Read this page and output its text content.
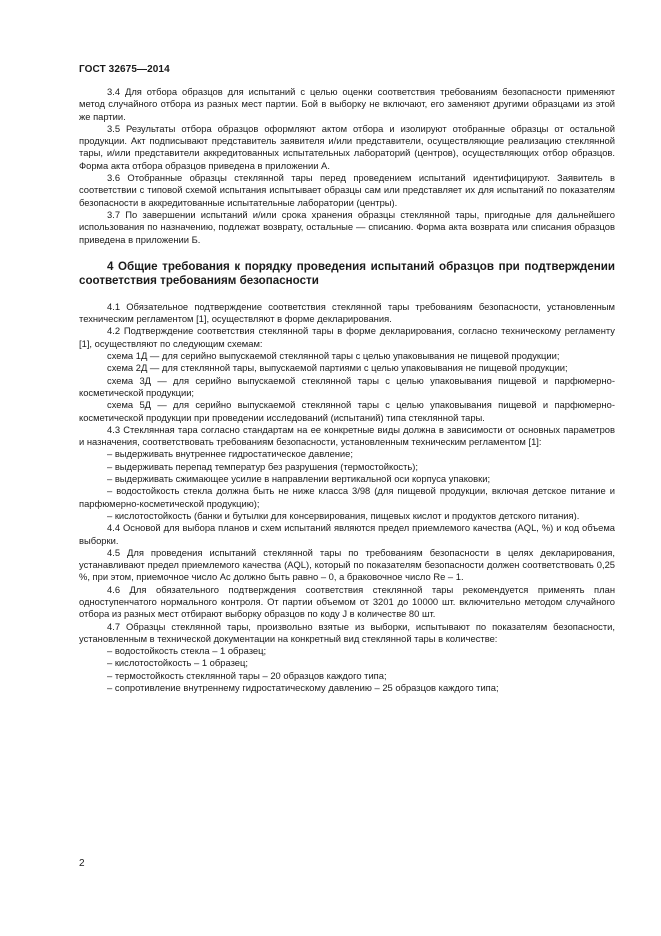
ГОСТ 32675—2014

3.4 Для отбора образцов для испытаний с целью оценки соответствия требованиям безопасности применяют метод случайного отбора из разных мест партии. Бой в выборку не включают, его заменяют другими образцами из этой же партии.

3.5 Результаты отбора образцов оформляют актом отбора и изолируют отобранные образцы от остальной продукции. Акт подписывают представитель заявителя и/или представители, осуществляющие реализацию стеклянной тары, и/или представители аккредитованных испытательных лабораторий (центров), осуществляющих отбор образцов. Форма акта отбора образцов приведена в приложении А.

3.6 Отобранные образцы стеклянной тары перед проведением испытаний идентифицируют. Заявитель в соответствии с типовой схемой испытания испытывает образцы сам или представляет их для испытаний по показателям безопасности в аккредитованные испытательные лаборатории (центры).

3.7 По завершении испытаний и/или срока хранения образцы стеклянной тары, пригодные для дальнейшего использования по назначению, подлежат возврату, остальные — списанию. Форма акта возврата или списания образцов приведена в приложении Б.

4 Общие требования к порядку проведения испытаний образцов при подтверждении соответствия требованиям безопасности

4.1 Обязательное подтверждение соответствия стеклянной тары требованиям безопасности, установленным техническим регламентом [1], осуществляют в форме декларирования.

4.2 Подтверждение соответствия стеклянной тары в форме декларирования, согласно техническому регламенту [1], осуществляют по следующим схемам:

схема 1Д — для серийно выпускаемой стеклянной тары с целью упаковывания не пищевой продукции;

схема 2Д — для стеклянной тары, выпускаемой партиями с целью упаковывания не пищевой продукции;

схема 3Д — для серийно выпускаемой стеклянной тары с целью упаковывания пищевой и парфюмерно-косметической продукции;

схема 5Д — для серийно выпускаемой стеклянной тары с целью упаковывания пищевой и парфюмерно-косметической продукции при проведении исследований (испытаний) типа стеклянной тары.

4.3 Стеклянная тара согласно стандартам на ее конкретные виды должна в зависимости от основных параметров и назначения, соответствовать требованиям безопасности, установленным техническим регламентом [1]:

– выдерживать внутреннее гидростатическое давление;

– выдерживать перепад температур без разрушения (термостойкость);

– выдерживать сжимающее усилие в направлении вертикальной оси корпуса упаковки;

– водостойкость стекла должна быть не ниже класса 3/98 (для пищевой продукции, включая детское питание и парфюмерно-косметической продукцию);

– кислотостойкость (банки и бутылки для консервирования, пищевых кислот и продуктов детского питания).

4.4 Основой для выбора планов и схем испытаний являются предел приемлемого качества (AQL, %) и код объема выборки.

4.5 Для проведения испытаний стеклянной тары по требованиям безопасности в целях декларирования, устанавливают предел приемлемого качества (AQL), который по показателям безопасности должен соответствовать 0,25 %, при этом, приемочное число Ac должно быть равно – 0, а браковочное число Re – 1.

4.6 Для обязательного подтверждения соответствия стеклянной тары рекомендуется применять план одноступенчатого нормального контроля. От партии объемом от 3201 до 10000 шт. включительно методом случайного отбора из разных мест отбирают выборку образцов по коду J в количестве 80 шт.

4.7 Образцы стеклянной тары, произвольно взятые из выборки, испытывают по показателям безопасности, установленным в технической документации на конкретный вид стеклянной тары в количестве:

– водостойкость стекла – 1 образец;

– кислотостойкость – 1 образец;

– термостойкость стеклянной тары – 20 образцов каждого типа;

– сопротивление внутреннему гидростатическому давлению – 25 образцов каждого типа;

2
